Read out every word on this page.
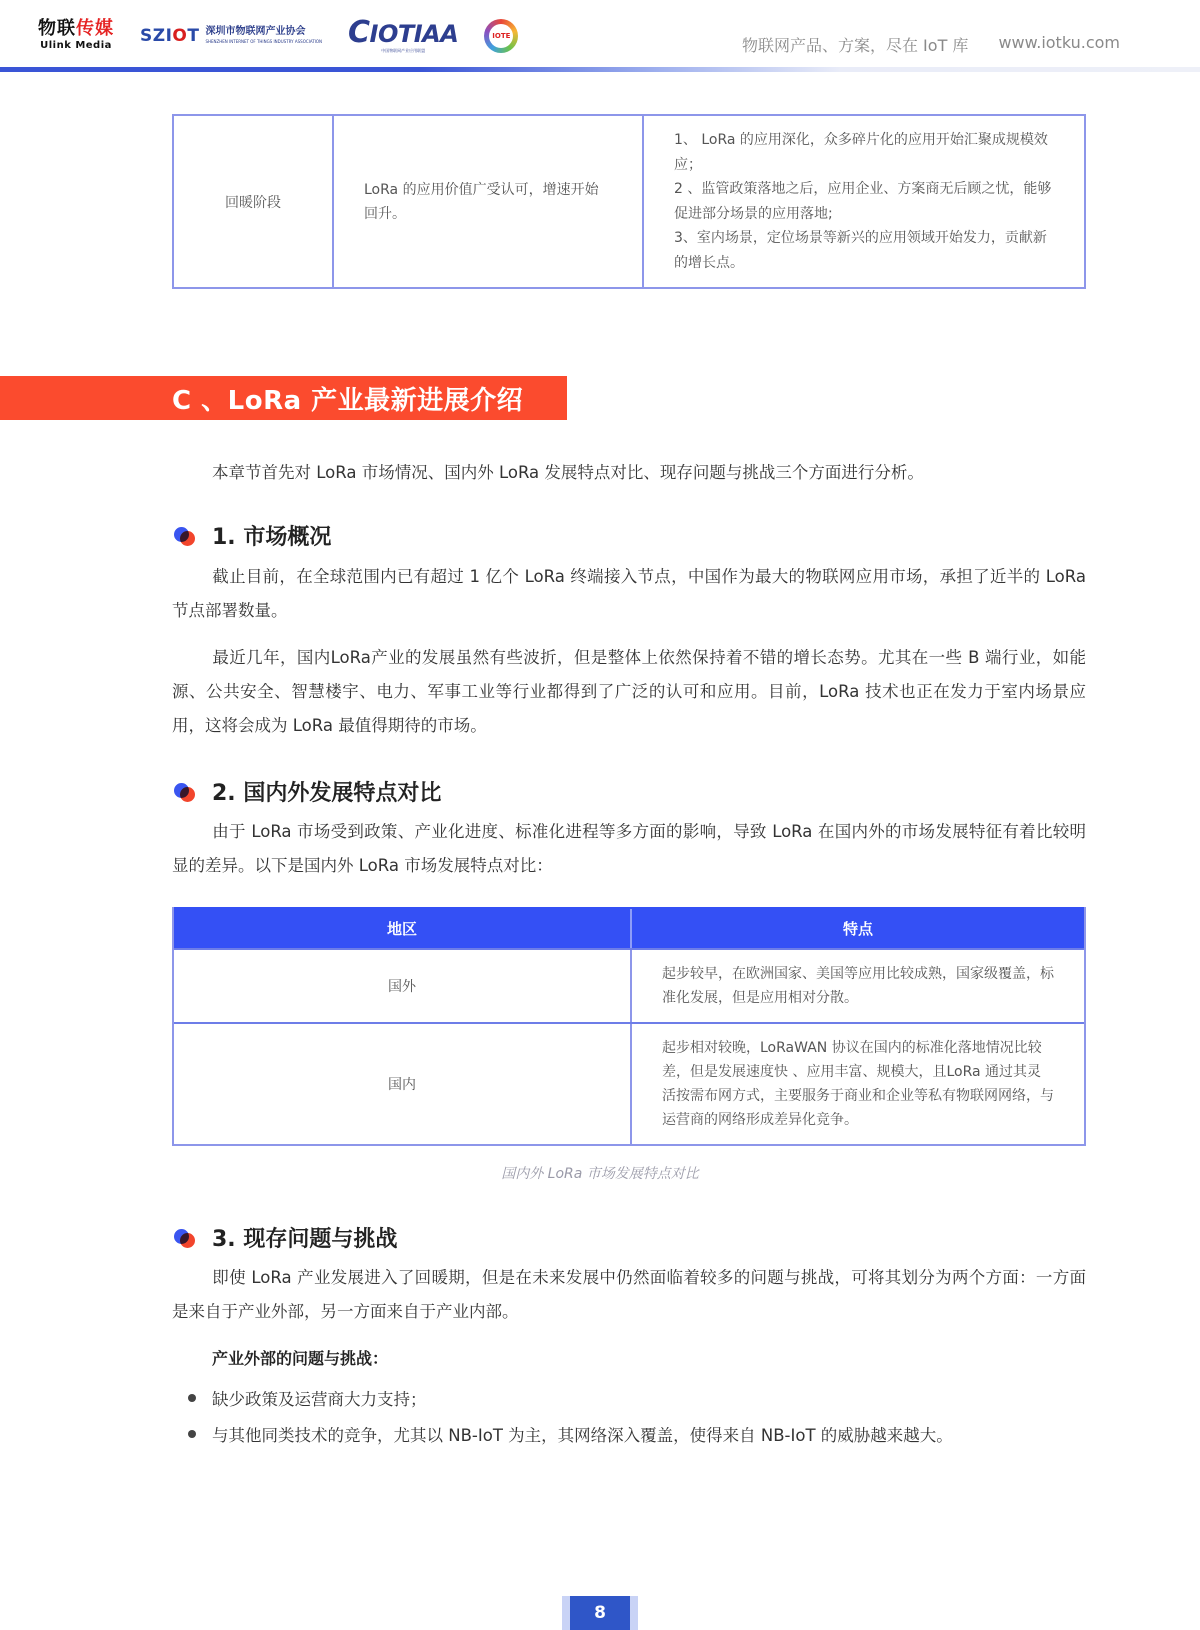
物联传媒
Ulink Media SZIOT 深圳市物联网产业协会
SHENZHEN INTERNET OF THINGS INDUSTRY ASSOCIATION CIOTIAA
中国物联网产业应用联盟
IOTE
物联网产品、方案，尽在 IoT 库 www.iotku.com
回暖阶段
LoRa 的应用价值广受认可，增速开始回升。
1、 LoRa 的应用深化，众多碎片化的应用开始汇聚成规模效应；
2 、监管政策落地之后，应用企业、方案商无后顾之忧，能够促进部分场景的应用落地;
3、室内场景，定位场景等新兴的应用领域开始发力，贡献新的增长点。
C 、LoRa 产业最新进展介绍
本章节首先对 LoRa 市场情况、国内外 LoRa 发展特点对比、现存问题与挑战三个方面进行分析。
1. 市场概况
截止目前，在全球范围内已有超过 1 亿个 LoRa 终端接入节点，中国作为最大的物联网应用市场，承担了近半的 LoRa 节点部署数量。
最近几年，国内LoRa产业的发展虽然有些波折，但是整体上依然保持着不错的增长态势。尤其在一些 B 端行业，如能源、公共安全、智慧楼宇、电力、军事工业等行业都得到了广泛的认可和应用。目前，LoRa 技术也正在发力于室内场景应用，这将会成为 LoRa 最值得期待的市场。
2. 国内外发展特点对比
由于 LoRa 市场受到政策、产业化进度、标准化进程等多方面的影响，导致 LoRa 在国内外的市场发展特征有着比较明显的差异。以下是国内外 LoRa 市场发展特点对比：
地区	特点
国外
起步较早，在欧洲国家、美国等应用比较成熟，国家级覆盖，标准化发展，但是应用相对分散。
国内
起步相对较晚，LoRaWAN 协议在国内的标准化落地情况比较差，但是发展速度快 、应用丰富、规模大，且LoRa 通过其灵活按需布网方式，主要服务于商业和企业等私有物联网网络，与运营商的网络形成差异化竞争。
国内外 LoRa 市场发展特点对比
3. 现存问题与挑战
即使 LoRa 产业发展进入了回暖期，但是在未来发展中仍然面临着较多的问题与挑战，可将其划分为两个方面：一方面是来自于产业外部，另一方面来自于产业内部。
产业外部的问题与挑战：
缺少政策及运营商大力支持；
与其他同类技术的竞争，尤其以 NB-IoT 为主，其网络深入覆盖，使得来自 NB-IoT 的威胁越来越大。
8
